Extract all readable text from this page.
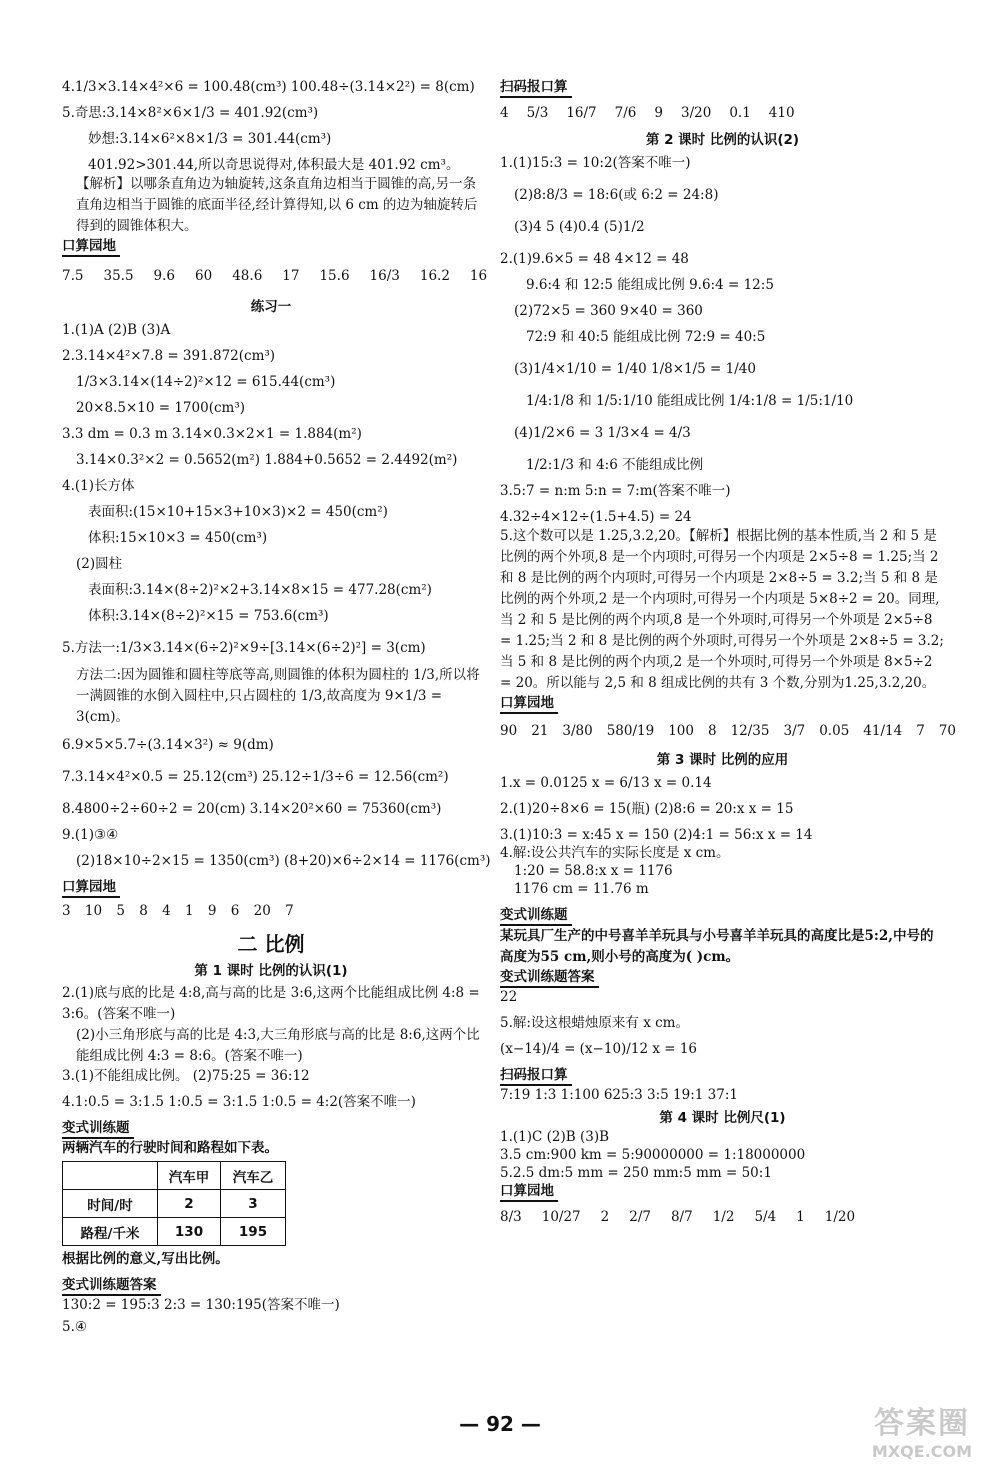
4.1/3×3.14×4²×6 = 100.48(cm³) 100.48÷(3.14×2²) = 8(cm)

5.奇思:3.14×8²×6×1/3 = 401.92(cm³)

妙想:3.14×6²×8×1/3 = 301.44(cm³)

401.92>301.44,所以奇思说得对,体积最大是 401.92 cm³。

【解析】以哪条直角边为轴旋转,这条直角边相当于圆锥的高,另一条直角边相当于圆锥的底面半径,经计算得知,以 6 cm 的边为轴旋转后得到的圆锥体积大。

口算园地
7.5 35.5 9.6 60 48.6 17 15.6 16/3 16.2 16
练习一

1.(1)A (2)B (3)A

2.3.14×4²×7.8 = 391.872(cm³)

1/3×3.14×(14÷2)²×12 = 615.44(cm³)

20×8.5×10 = 1700(cm³)

3.3 dm = 0.3 m 3.14×0.3×2×1 = 1.884(m²)

3.14×0.3²×2 = 0.5652(m²) 1.884+0.5652 = 2.4492(m²)

4.(1)长方体

表面积:(15×10+15×3+10×3)×2 = 450(cm²)

体积:15×10×3 = 450(cm³)

(2)圆柱

表面积:3.14×(8÷2)²×2+3.14×8×15 = 477.28(cm²)

体积:3.14×(8÷2)²×15 = 753.6(cm³)

5.方法一:1/3×3.14×(6÷2)²×9÷[3.14×(6÷2)²] = 3(cm)

方法二:因为圆锥和圆柱等底等高,则圆锥的体积为圆柱的 1/3,所以将一满圆锥的水倒入圆柱中,只占圆柱的 1/3,故高度为 9×1/3 = 3(cm)。

6.9×5×5.7÷(3.14×3²) ≈ 9(dm)

7.3.14×4²×0.5 = 25.12(cm³) 25.12÷1/3÷6 = 12.56(cm²)

8.4800÷2÷60÷2 = 20(cm) 3.14×20²×60 = 75360(cm³)

9.(1)③④

(2)18×10÷2×15 = 1350(cm³) (8+20)×6÷2×14 = 1176(cm³)

口算园地

3 10 5 8 4 1 9 6 20 7

二 比例
第 1 课时 比例的认识(1)

2.(1)底与底的比是 4:8,高与高的比是 3:6,这两个比能组成比例 4:8 = 3:6。(答案不唯一)

(2)小三角形底与高的比是 4:3,大三角形底与高的比是 8:6,这两个比能组成比例 4:3 = 8:6。(答案不唯一)

3.(1)不能组成比例。 (2)75:25 = 36:12

4.1:0.5 = 3:1.5 1:0.5 = 3:1.5 1:0.5 = 4:2(答案不唯一)

变式训练题

两辆汽车的行驶时间和路程如下表。

	汽车甲	汽车乙
时间/时	2	3
路程/千米	130	195

根据比例的意义,写出比例。

变式训练题答案

130:2 = 195:3 2:3 = 130:195(答案不唯一)

5.④

扫码报口算
4 5/3 16/7 7/6 9 3/20 0.1 410
第 2 课时 比例的认识(2)

1.(1)15:3 = 10:2(答案不唯一)

(2)8:8/3 = 18:6(或 6:2 = 24:8)

(3)4 5 (4)0.4 (5)1/2

2.(1)9.6×5 = 48 4×12 = 48

9.6:4 和 12:5 能组成比例 9.6:4 = 12:5

(2)72×5 = 360 9×40 = 360

72:9 和 40:5 能组成比例 72:9 = 40:5

(3)1/4×1/10 = 1/40 1/8×1/5 = 1/40

1/4:1/8 和 1/5:1/10 能组成比例 1/4:1/8 = 1/5:1/10

(4)1/2×6 = 3 1/3×4 = 4/3

1/2:1/3 和 4:6 不能组成比例

3.5:7 = n:m 5:n = 7:m(答案不唯一)

4.32÷4×12÷(1.5+4.5) = 24

5.这个数可以是 1.25,3.2,20。【解析】根据比例的基本性质,当 2 和 5 是比例的两个外项,8 是一个内项时,可得另一个内项是 2×5÷8 = 1.25;当 2 和 8 是比例的两个内项时,可得另一个内项是 2×8÷5 = 3.2;当 5 和 8 是比例的两个外项,2 是一个内项时,可得另一个内项是 5×8÷2 = 20。同理,当 2 和 5 是比例的两个内项,8 是一个外项时,可得另一个外项是 2×5÷8 = 1.25;当 2 和 8 是比例的两个外项时,可得另一个外项是 2×8÷5 = 3.2;当 5 和 8 是比例的两个内项,2 是一个外项时,可得另一个外项是 8×5÷2 = 20。所以能与 2,5 和 8 组成比例的共有 3 个数,分别为1.25,3.2,20。

口算园地
90 21 3/80 580/19 100 8 12/35 3/7 0.05 41/14 7 70
第 3 课时 比例的应用

1.x = 0.0125 x = 6/13 x = 0.14

2.(1)20÷8×6 = 15(瓶) (2)8:6 = 20:x x = 15

3.(1)10:3 = x:45 x = 150 (2)4:1 = 56:x x = 14

4.解:设公共汽车的实际长度是 x cm。

1:20 = 58.8:x x = 1176

1176 cm = 11.76 m

变式训练题

某玩具厂生产的中号喜羊羊玩具与小号喜羊羊玩具的高度比是5:2,中号的高度为55 cm,则小号的高度为( )cm。

变式训练题答案

22

5.解:设这根蜡烛原来有 x cm。

(x−14)/4 = (x−10)/12 x = 16

扫码报口算

7:19 1:3 1:100 625:3 3:5 19:1 37:1

第 4 课时 比例尺(1)

1.(1)C (2)B (3)B

3.5 cm:900 km = 5:90000000 = 1:18000000

5.2.5 dm:5 mm = 250 mm:5 mm = 50:1

口算园地
8/3 10/27 2 2/7 8/7 1/2 5/4 1 1/20
— 92 —	答案圈
MXQE.COM
